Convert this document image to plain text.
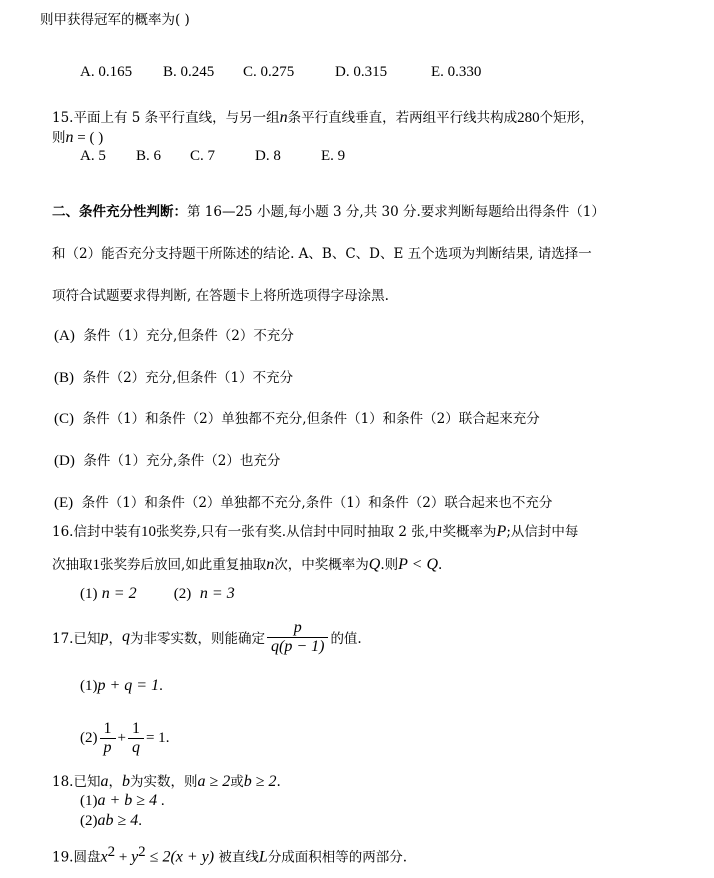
则甲获得冠军的概率为( )
A. 0.165 B. 0.245 C. 0.275	D. 0.315	E. 0.330
15.平面上有 5 条平行直线，与另一组n条平行直线垂直，若两组平行线共构成280个矩形，
则n = ( )
A. 5 B. 6 C. 7	D. 8	E. 9
二、条件充分性判断：第 16—25 小题,每小题 3 分,共 30 分.要求判断每题给出得条件（1）
和（2）能否充分支持题干所陈述的结论. A、B、C、D、E 五个选项为判断结果, 请选择一
项符合试题要求得判断, 在答题卡上将所选项得字母涂黑.
(A) 条件（1）充分,但条件（2）不充分
(B) 条件（2）充分,但条件（1）不充分
(C) 条件（1）和条件（2）单独都不充分,但条件（1）和条件（2）联合起来充分
(D) 条件（1）充分,条件（2）也充分
(E) 条件（1）和条件（2）单独都不充分,条件（1）和条件（2）联合起来也不充分
16.信封中装有10张奖券,只有一张有奖.从信封中同时抽取 2 张,中奖概率为P;从信封中每
次抽取1张奖券后放回,如此重复抽取n次，中奖概率为Q.则P < Q.
(1) n = 2 (2) n = 3
17.已知 p ， q 为非零实数，则能确定 $\frac{p}{q(p - 1)}$ 的值.
(1)p + q = 1.
$(2) \frac{1}{p} + \frac{1}{q} = 1$ .
18.已知a，b为实数，则a ≥ 2或b ≥ 2.
(1)a + b ≥ 4 .
(2)ab ≥ 4.
19.圆盘$x^2 + y^2 \le 2(x + y)$ 被直线L分成面积相等的两部分.
